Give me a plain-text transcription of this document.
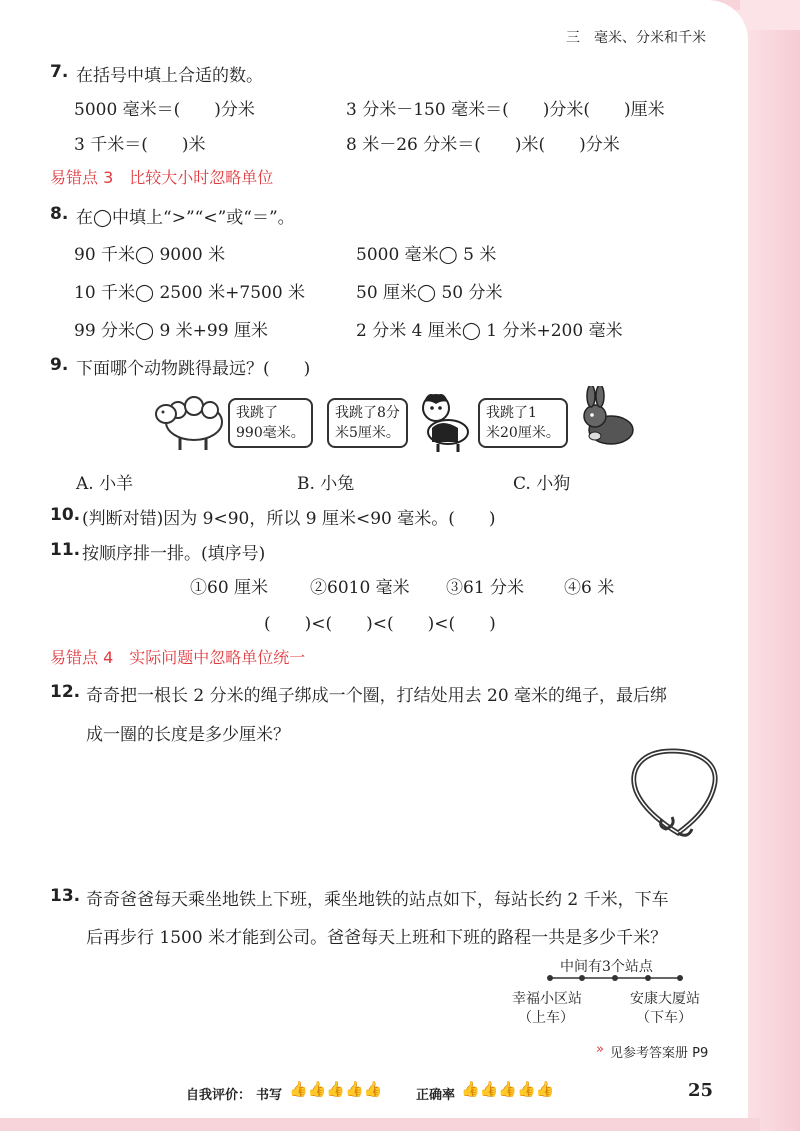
三　毫米、分米和千米
7. 在括号中填上合适的数。
5000 毫米＝(　　)分米	3 分米－150 毫米＝(　　)分米(　　)厘米
3 千米＝(　　)米	8 米－26 分米＝(　　)米(　　)分米
易错点 3　比较大小时忽略单位
8. 在◯中填上“>”“<”或“＝”。
90 千米◯ 9000 米	5000 毫米◯ 5 米
10 千米◯ 2500 米+7500 米	50 厘米◯ 50 分米
99 分米◯ 9 米+99 厘米	2 分米 4 厘米◯ 1 分米+200 毫米
9. 下面哪个动物跳得最远？(　　)
我跳了
990毫米。
我跳了8分
米5厘米。
我跳了1
米20厘米。
A. 小羊	B. 小兔	C. 小狗
10. (判断对错)因为 9<90，所以 9 厘米<90 毫米。(　　)
11. 按顺序排一排。(填序号)
①60 厘米 ②6010 毫米 ③61 分米 ④6 米
(　　)<(　　)<(　　)<(　　)
易错点 4　实际问题中忽略单位统一
12. 奇奇把一根长 2 分米的绳子绑成一个圈，打结处用去 20 毫米的绳子，最后绑
成一圈的长度是多少厘米？
13. 奇奇爸爸每天乘坐地铁上下班，乘坐地铁的站点如下，每站长约 2 千米，下车
后再步行 1500 米才能到公司。爸爸每天上班和下班的路程一共是多少千米？
中间有3个站点
幸福小区站
（上车）
安康大厦站
（下车）
» 见参考答案册 P9
自我评价： 书写 👍👍👍👍👍	正确率 👍👍👍👍👍	25
